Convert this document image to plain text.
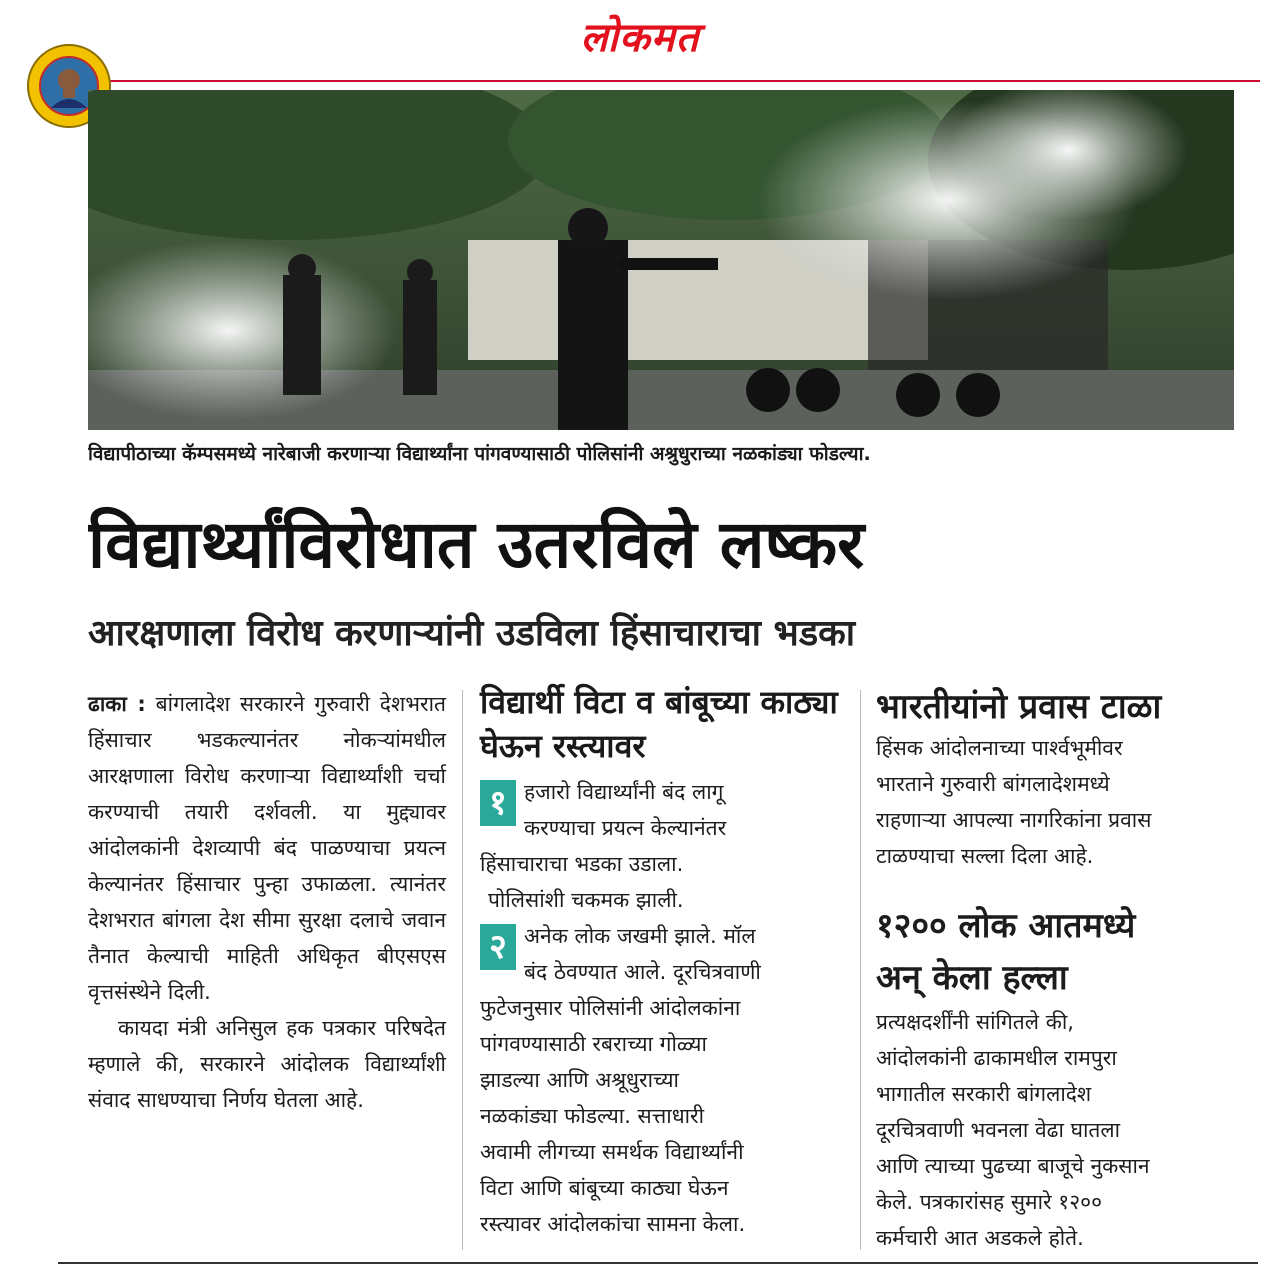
लोकमत
विद्यापीठाच्या कॅम्पसमध्ये नारेबाजी करणाऱ्या विद्यार्थ्यांना पांगवण्यासाठी पोलिसांनी अश्रुधुराच्या नळकांड्या फोडल्या.
विद्यार्थ्यांविरोधात उतरविले लष्कर
आरक्षणाला विरोध करणाऱ्यांनी उडविला हिंसाचाराचा भडका

ढाका : बांगलादेश सरकारने गुरुवारी देशभरात हिंसाचार भडकल्यानंतर नोकऱ्यांमधील आरक्षणाला विरोध करणाऱ्या विद्यार्थ्यांशी चर्चा करण्याची तयारी दर्शवली. या मुद्द्यावर आंदोलकांनी देशव्यापी बंद पाळण्याचा प्रयत्न केल्यानंतर हिंसाचार पुन्हा उफाळला. त्यानंतर देशभरात बांगला देश सीमा सुरक्षा दलाचे जवान तैनात केल्याची माहिती अधिकृत बीएसएस वृत्तसंस्थेने दिली.

कायदा मंत्री अनिसुल हक पत्रकार परिषदेत म्हणाले की, सरकारने आंदोलक विद्यार्थ्यांशी संवाद साधण्याचा निर्णय घेतला आहे.

विद्यार्थी विटा व बांबूच्या काठ्या घेऊन रस्त्यावर
१ हजारो विद्यार्थ्यांनी बंद लागू
करण्याचा प्रयत्न केल्यानंतर
हिंसाचाराचा भडका उडाला.
पोलिसांशी चकमक झाली.
२ अनेक लोक जखमी झाले. मॉल
बंद ठेवण्यात आले. दूरचित्रवाणी
फुटेजनुसार पोलिसांनी आंदोलकांना
पांगवण्यासाठी रबराच्या गोळ्या
झाडल्या आणि अश्रूधुराच्या
नळकांड्या फोडल्या. सत्ताधारी
अवामी लीगच्या समर्थक विद्यार्थ्यांनी
विटा आणि बांबूच्या काठ्या घेऊन
रस्त्यावर आंदोलकांचा सामना केला.
भारतीयांनो प्रवास टाळा
हिंसक आंदोलनाच्या पार्श्वभूमीवर
भारताने गुरुवारी बांगलादेशमध्ये
राहणाऱ्या आपल्या नागरिकांना प्रवास
टाळण्याचा सल्ला दिला आहे.
१२०० लोक आतमध्ये
अन् केला हल्ला
प्रत्यक्षदर्शींनी सांगितले की,
आंदोलकांनी ढाकामधील रामपुरा
भागातील सरकारी बांगलादेश
दूरचित्रवाणी भवनला वेढा घातला
आणि त्याच्या पुढच्या बाजूचे नुकसान
केले. पत्रकारांसह सुमारे १२००
कर्मचारी आत अडकले होते.
